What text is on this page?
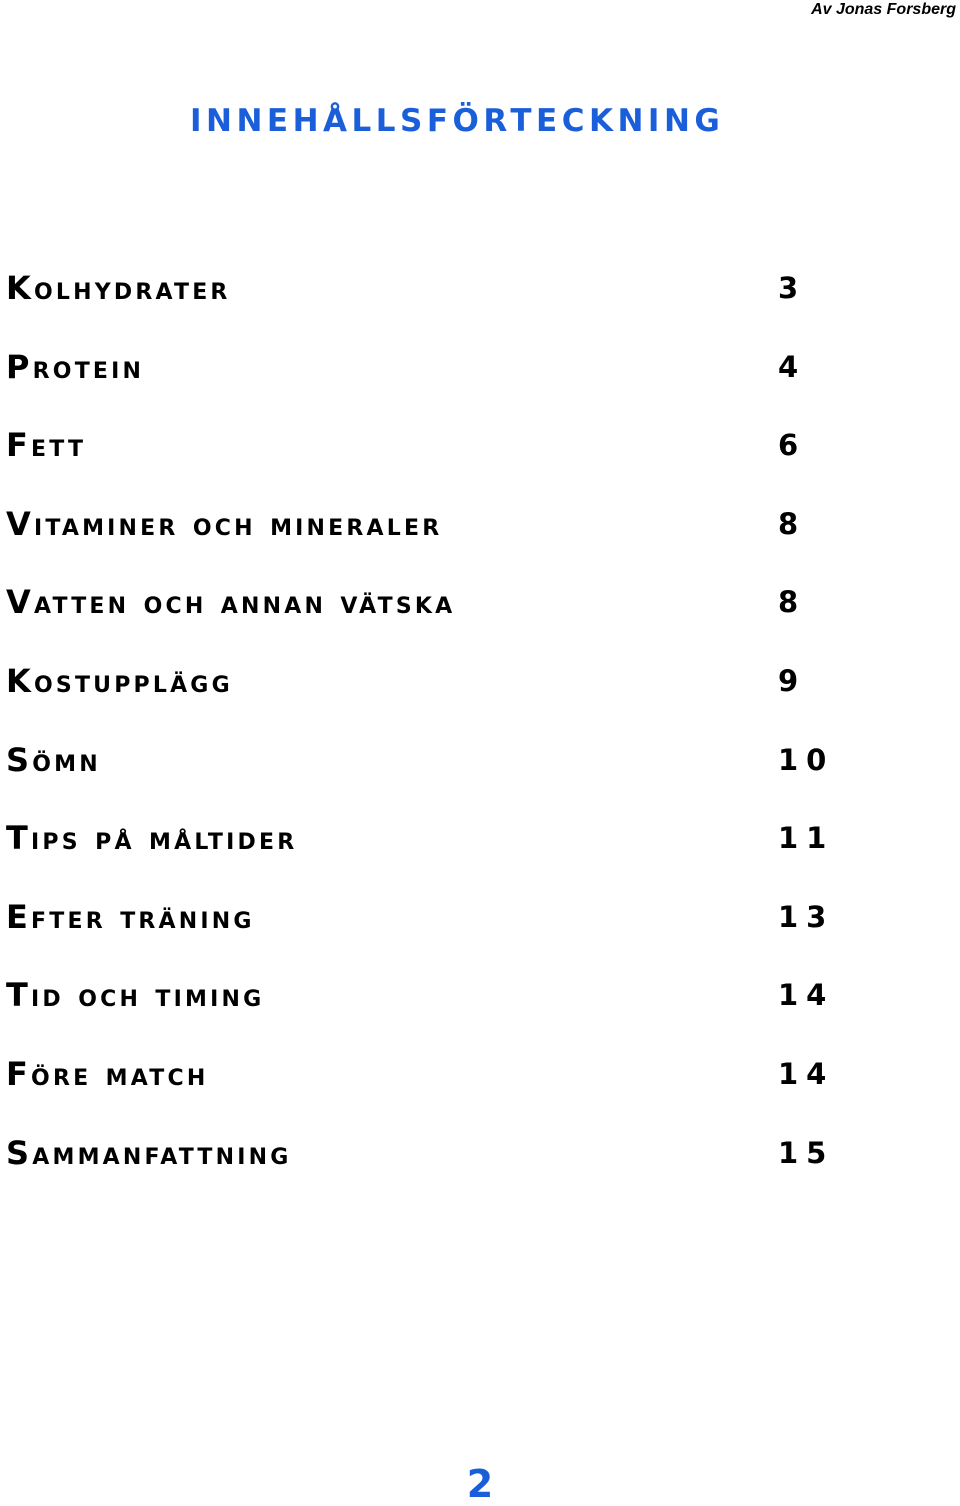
Av Jonas Forsberg
innehållsförteckning
Kolhydrater	3
Protein	4
Fett	6
Vitaminer och mineraler	8
Vatten och annan vätska	8
Kostupplägg	9
Sömn	10
Tips på måltider	11
Efter träning	13
Tid och timing	14
Före match	14
Sammanfattning	15
2
